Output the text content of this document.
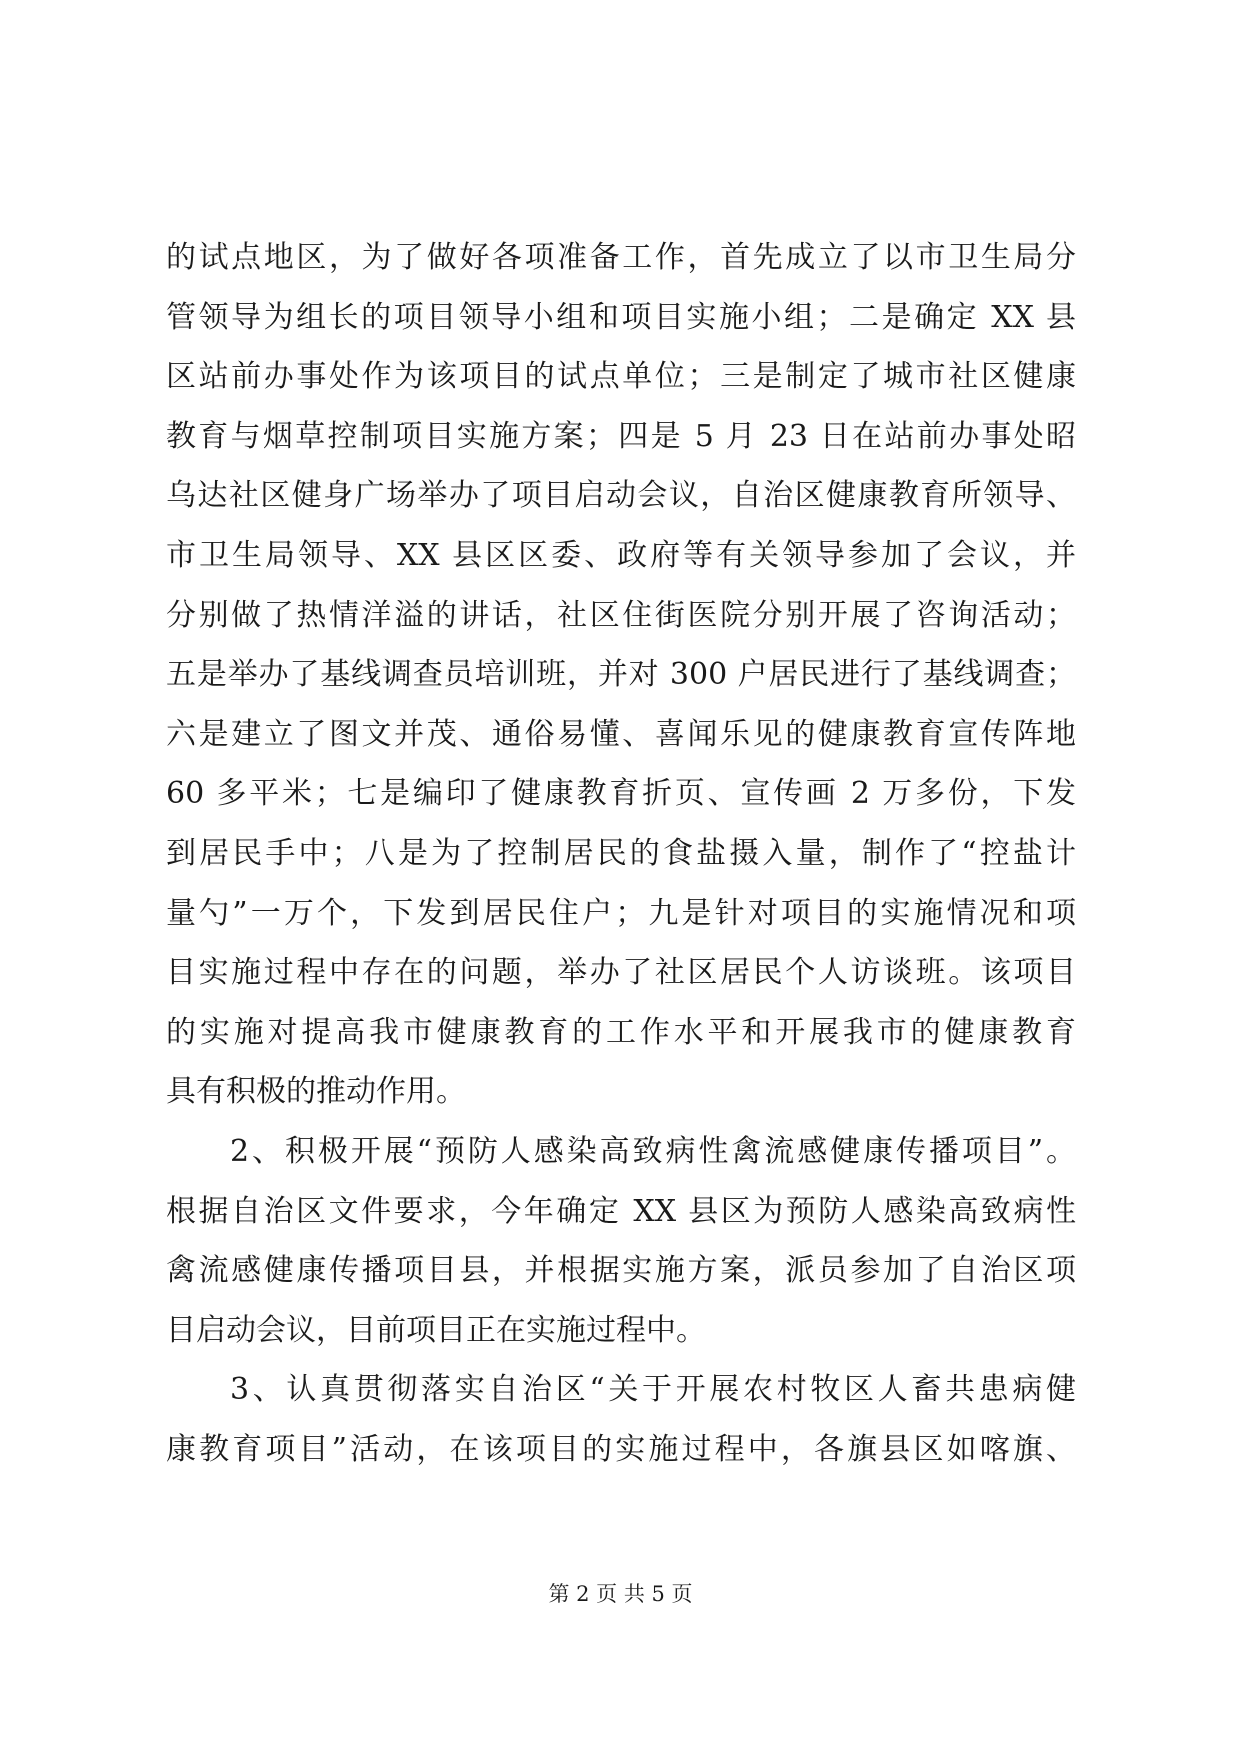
的试点地区，为了做好各项准备工作，首先成立了以市卫生局分
管领导为组长的项目领导小组和项目实施小组；二是确定 XX 县
区站前办事处作为该项目的试点单位；三是制定了城市社区健康
教育与烟草控制项目实施方案；四是 5 月 23 日在站前办事处昭
乌达社区健身广场举办了项目启动会议，自治区健康教育所领导、
市卫生局领导、XX 县区区委、政府等有关领导参加了会议，并
分别做了热情洋溢的讲话，社区住街医院分别开展了咨询活动；
五是举办了基线调查员培训班，并对 300 户居民进行了基线调查；
六是建立了图文并茂、通俗易懂、喜闻乐见的健康教育宣传阵地
60 多平米；七是编印了健康教育折页、宣传画 2 万多份，下发
到居民手中；八是为了控制居民的食盐摄入量，制作了“控盐计
量勺”一万个，下发到居民住户；九是针对项目的实施情况和项
目实施过程中存在的问题，举办了社区居民个人访谈班。该项目
的实施对提高我市健康教育的工作水平和开展我市的健康教育
具有积极的推动作用。
2、积极开展“预防人感染高致病性禽流感健康传播项目”。
根据自治区文件要求，今年确定 XX 县区为预防人感染高致病性
禽流感健康传播项目县，并根据实施方案，派员参加了自治区项
目启动会议，目前项目正在实施过程中。
3、认真贯彻落实自治区“关于开展农村牧区人畜共患病健
康教育项目”活动，在该项目的实施过程中，各旗县区如喀旗、
第 2 页 共 5 页
